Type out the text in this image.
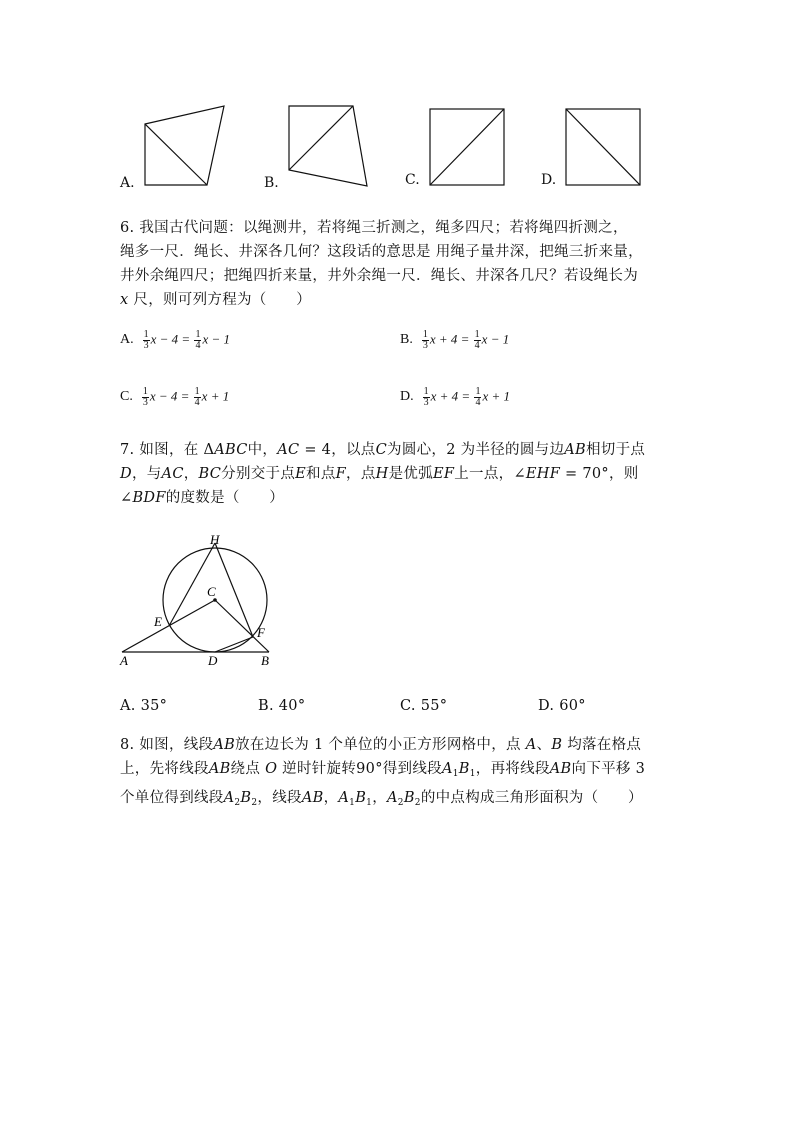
A.	B.	C.	D.
6. 我国古代问题：以绳测井，若将绳三折测之，绳多四尺；若将绳四折测之，
绳多一尺．绳长、井深各几何？这段话的意思是 用绳子量井深，把绳三折来量，
井外余绳四尺；把绳四折来量，井外余绳一尺．绳长、井深各几尺？若设绳长为
x 尺，则可列方程为（　　）
A. $\frac{1}{3}$ $x - 4 = \frac{1}{4}$ x − 1	B. $\frac{1}{3}$ $x + 4 = \frac{1}{4}$ x − 1
C. $\frac{1}{3}$ $x - 4 = \frac{1}{4}$ x + 1	D. $\frac{1}{3}$ $x + 4 = \frac{1}{4}$ x + 1
7. 如图，在 ΔABC中，AC = 4，以点C为圆心，2 为半径的圆与边AB相切于点
D，与AC，BC分别交于点E和点F，点H是优弧EF上一点，∠EHF = 70°，则
∠BDF的度数是（　　）
H
C
E
F
A	D	B
A. 35°	B. 40°	C. 55°	D. 60°
8. 如图，线段AB放在边长为 1 个单位的小正方形网格中，点 A、B 均落在格点
上，先将线段AB绕点 O 逆时针旋转90°得到线段$A_1B_1$，再将线段AB向下平移 3
个单位得到线段$A_2B_2$，线段AB，$A_1B_1$，$A_2B_2$的中点构成三角形面积为（　　）
